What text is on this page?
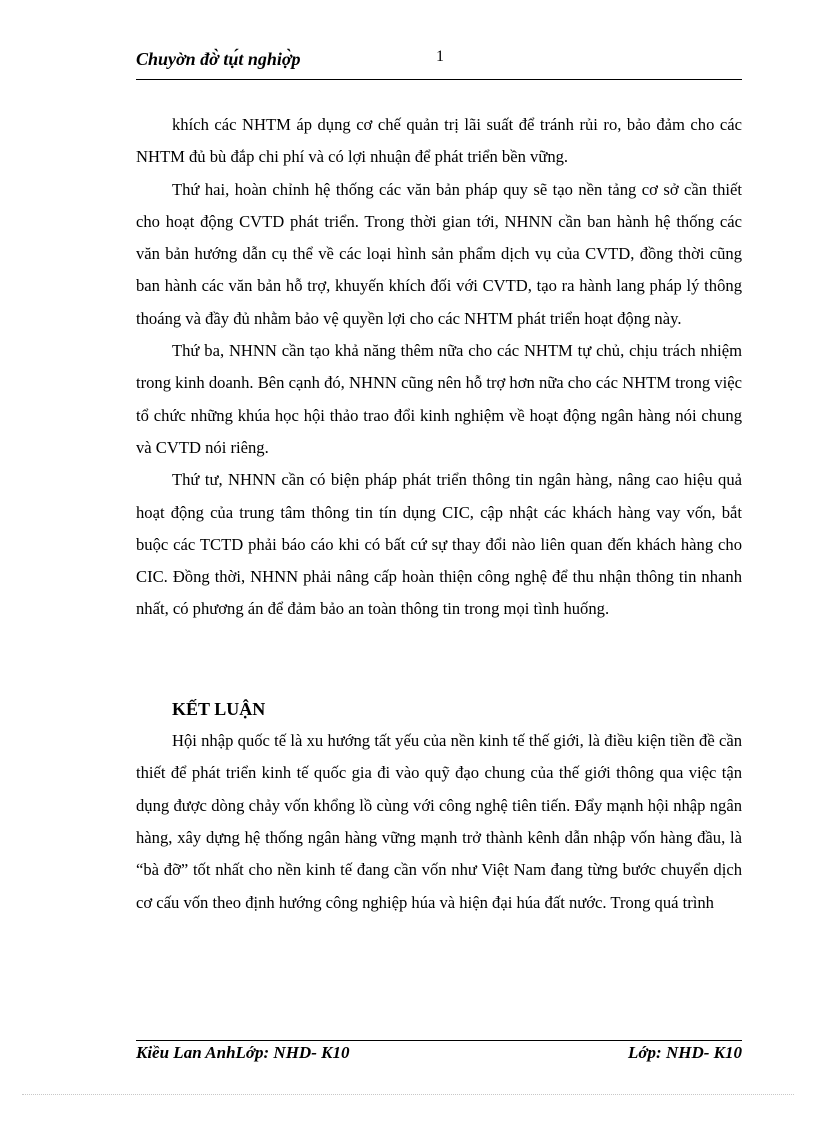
Chuyờn đờ̀ tụ́t nghiợ̀p	1

khích các NHTM áp dụng cơ chế quản trị lãi suất để tránh rủi ro, bảo đảm cho các NHTM đủ bù đắp chi phí và có lợi nhuận để phát triển bền vững.

Thứ hai, hoàn chỉnh hệ thống các văn bản pháp quy sẽ tạo nền tảng cơ sở cần thiết cho hoạt động CVTD phát triển. Trong thời gian tới, NHNN cần ban hành hệ thống các văn bản hướng dẫn cụ thể về các loại hình sản phẩm dịch vụ của CVTD, đồng thời cũng ban hành các văn bản hỗ trợ, khuyến khích đối với CVTD, tạo ra hành lang pháp lý thông thoáng và đầy đủ nhằm bảo vệ quyền lợi cho các NHTM phát triển hoạt động này.

Thứ ba, NHNN cần tạo khả năng thêm nữa cho các NHTM tự chủ, chịu trách nhiệm trong kinh doanh. Bên cạnh đó, NHNN cũng nên hỗ trợ hơn nữa cho các NHTM trong việc tổ chức những khúa học hội thảo trao đổi kinh nghiệm về hoạt động ngân hàng nói chung và CVTD nói riêng.

Thứ tư, NHNN cần có biện pháp phát triển thông tin ngân hàng, nâng cao hiệu quả hoạt động của trung tâm thông tin tín dụng CIC, cập nhật các khách hàng vay vốn, bắt buộc các TCTD phải báo cáo khi có bất cứ sự thay đổi nào liên quan đến khách hàng cho CIC. Đồng thời, NHNN phải nâng cấp hoàn thiện công nghệ để thu nhận thông tin nhanh nhất, có phương án để đảm bảo an toàn thông tin trong mọi tình huống.

KẾT LUẬN

Hội nhập quốc tế là xu hướng tất yếu của nền kinh tế thế giới, là điều kiện tiền đề cần thiết để phát triển kinh tế quốc gia đi vào quỹ đạo chung của thế giới thông qua việc tận dụng được dòng chảy vốn khổng lồ cùng với công nghệ tiên tiến. Đẩy mạnh hội nhập ngân hàng, xây dựng hệ thống ngân hàng vững mạnh trở thành kênh dẫn nhập vốn hàng đầu, là “bà đỡ” tốt nhất cho nền kinh tế đang cần vốn như Việt Nam đang từng bước chuyển dịch cơ cấu vốn theo định hướng công nghiệp húa và hiện đại húa đất nước. Trong quá trình

Kiều Lan AnhLớp: NHD- K10	Lớp: NHD- K10
